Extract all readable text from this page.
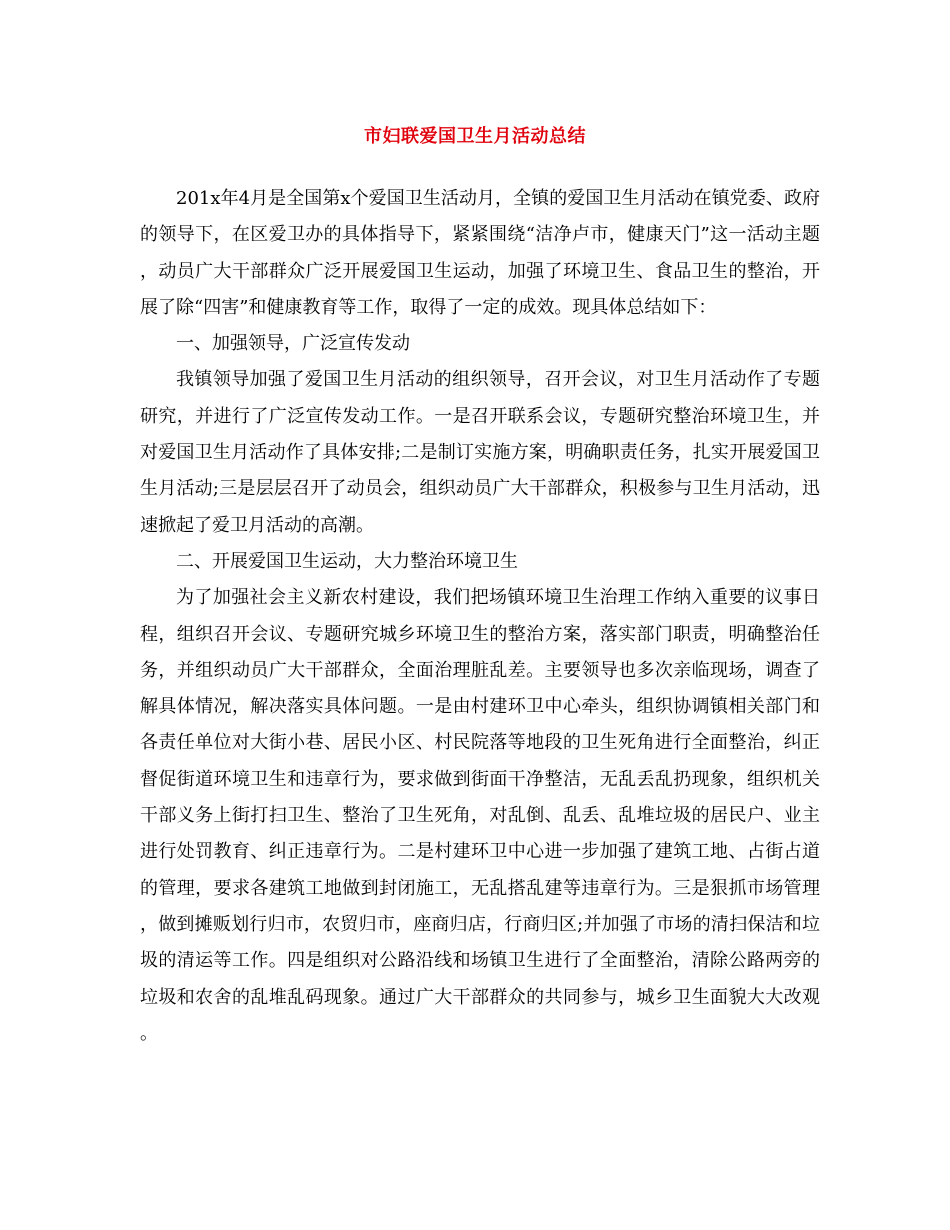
市妇联爱国卫生月活动总结

201x年4月是全国第x个爱国卫生活动月，全镇的爱国卫生月活动在镇党委、政府的领导下，在区爱卫办的具体指导下，紧紧围绕“洁净卢市，健康天门”这一活动主题，动员广大干部群众广泛开展爱国卫生运动，加强了环境卫生、食品卫生的整治，开展了除“四害”和健康教育等工作，取得了一定的成效。现具体总结如下：

一、加强领导，广泛宣传发动

我镇领导加强了爱国卫生月活动的组织领导，召开会议，对卫生月活动作了专题研究，并进行了广泛宣传发动工作。一是召开联系会议，专题研究整治环境卫生，并对爱国卫生月活动作了具体安排;二是制订实施方案，明确职责任务，扎实开展爱国卫生月活动;三是层层召开了动员会，组织动员广大干部群众，积极参与卫生月活动，迅速掀起了爱卫月活动的高潮。

二、开展爱国卫生运动，大力整治环境卫生

为了加强社会主义新农村建设，我们把场镇环境卫生治理工作纳入重要的议事日程，组织召开会议、专题研究城乡环境卫生的整治方案，落实部门职责，明确整治任务，并组织动员广大干部群众，全面治理脏乱差。主要领导也多次亲临现场，调查了解具体情况，解决落实具体问题。一是由村建环卫中心牵头，组织协调镇相关部门和各责任单位对大街小巷、居民小区、村民院落等地段的卫生死角进行全面整治，纠正督促街道环境卫生和违章行为，要求做到街面干净整洁，无乱丢乱扔现象，组织机关干部义务上街打扫卫生、整治了卫生死角，对乱倒、乱丢、乱堆垃圾的居民户、业主进行处罚教育、纠正违章行为。二是村建环卫中心进一步加强了建筑工地、占街占道的管理，要求各建筑工地做到封闭施工，无乱搭乱建等违章行为。三是狠抓市场管理，做到摊贩划行归市，农贸归市，座商归店，行商归区;并加强了市场的清扫保洁和垃圾的清运等工作。四是组织对公路沿线和场镇卫生进行了全面整治，清除公路两旁的垃圾和农舍的乱堆乱码现象。通过广大干部群众的共同参与，城乡卫生面貌大大改观。
